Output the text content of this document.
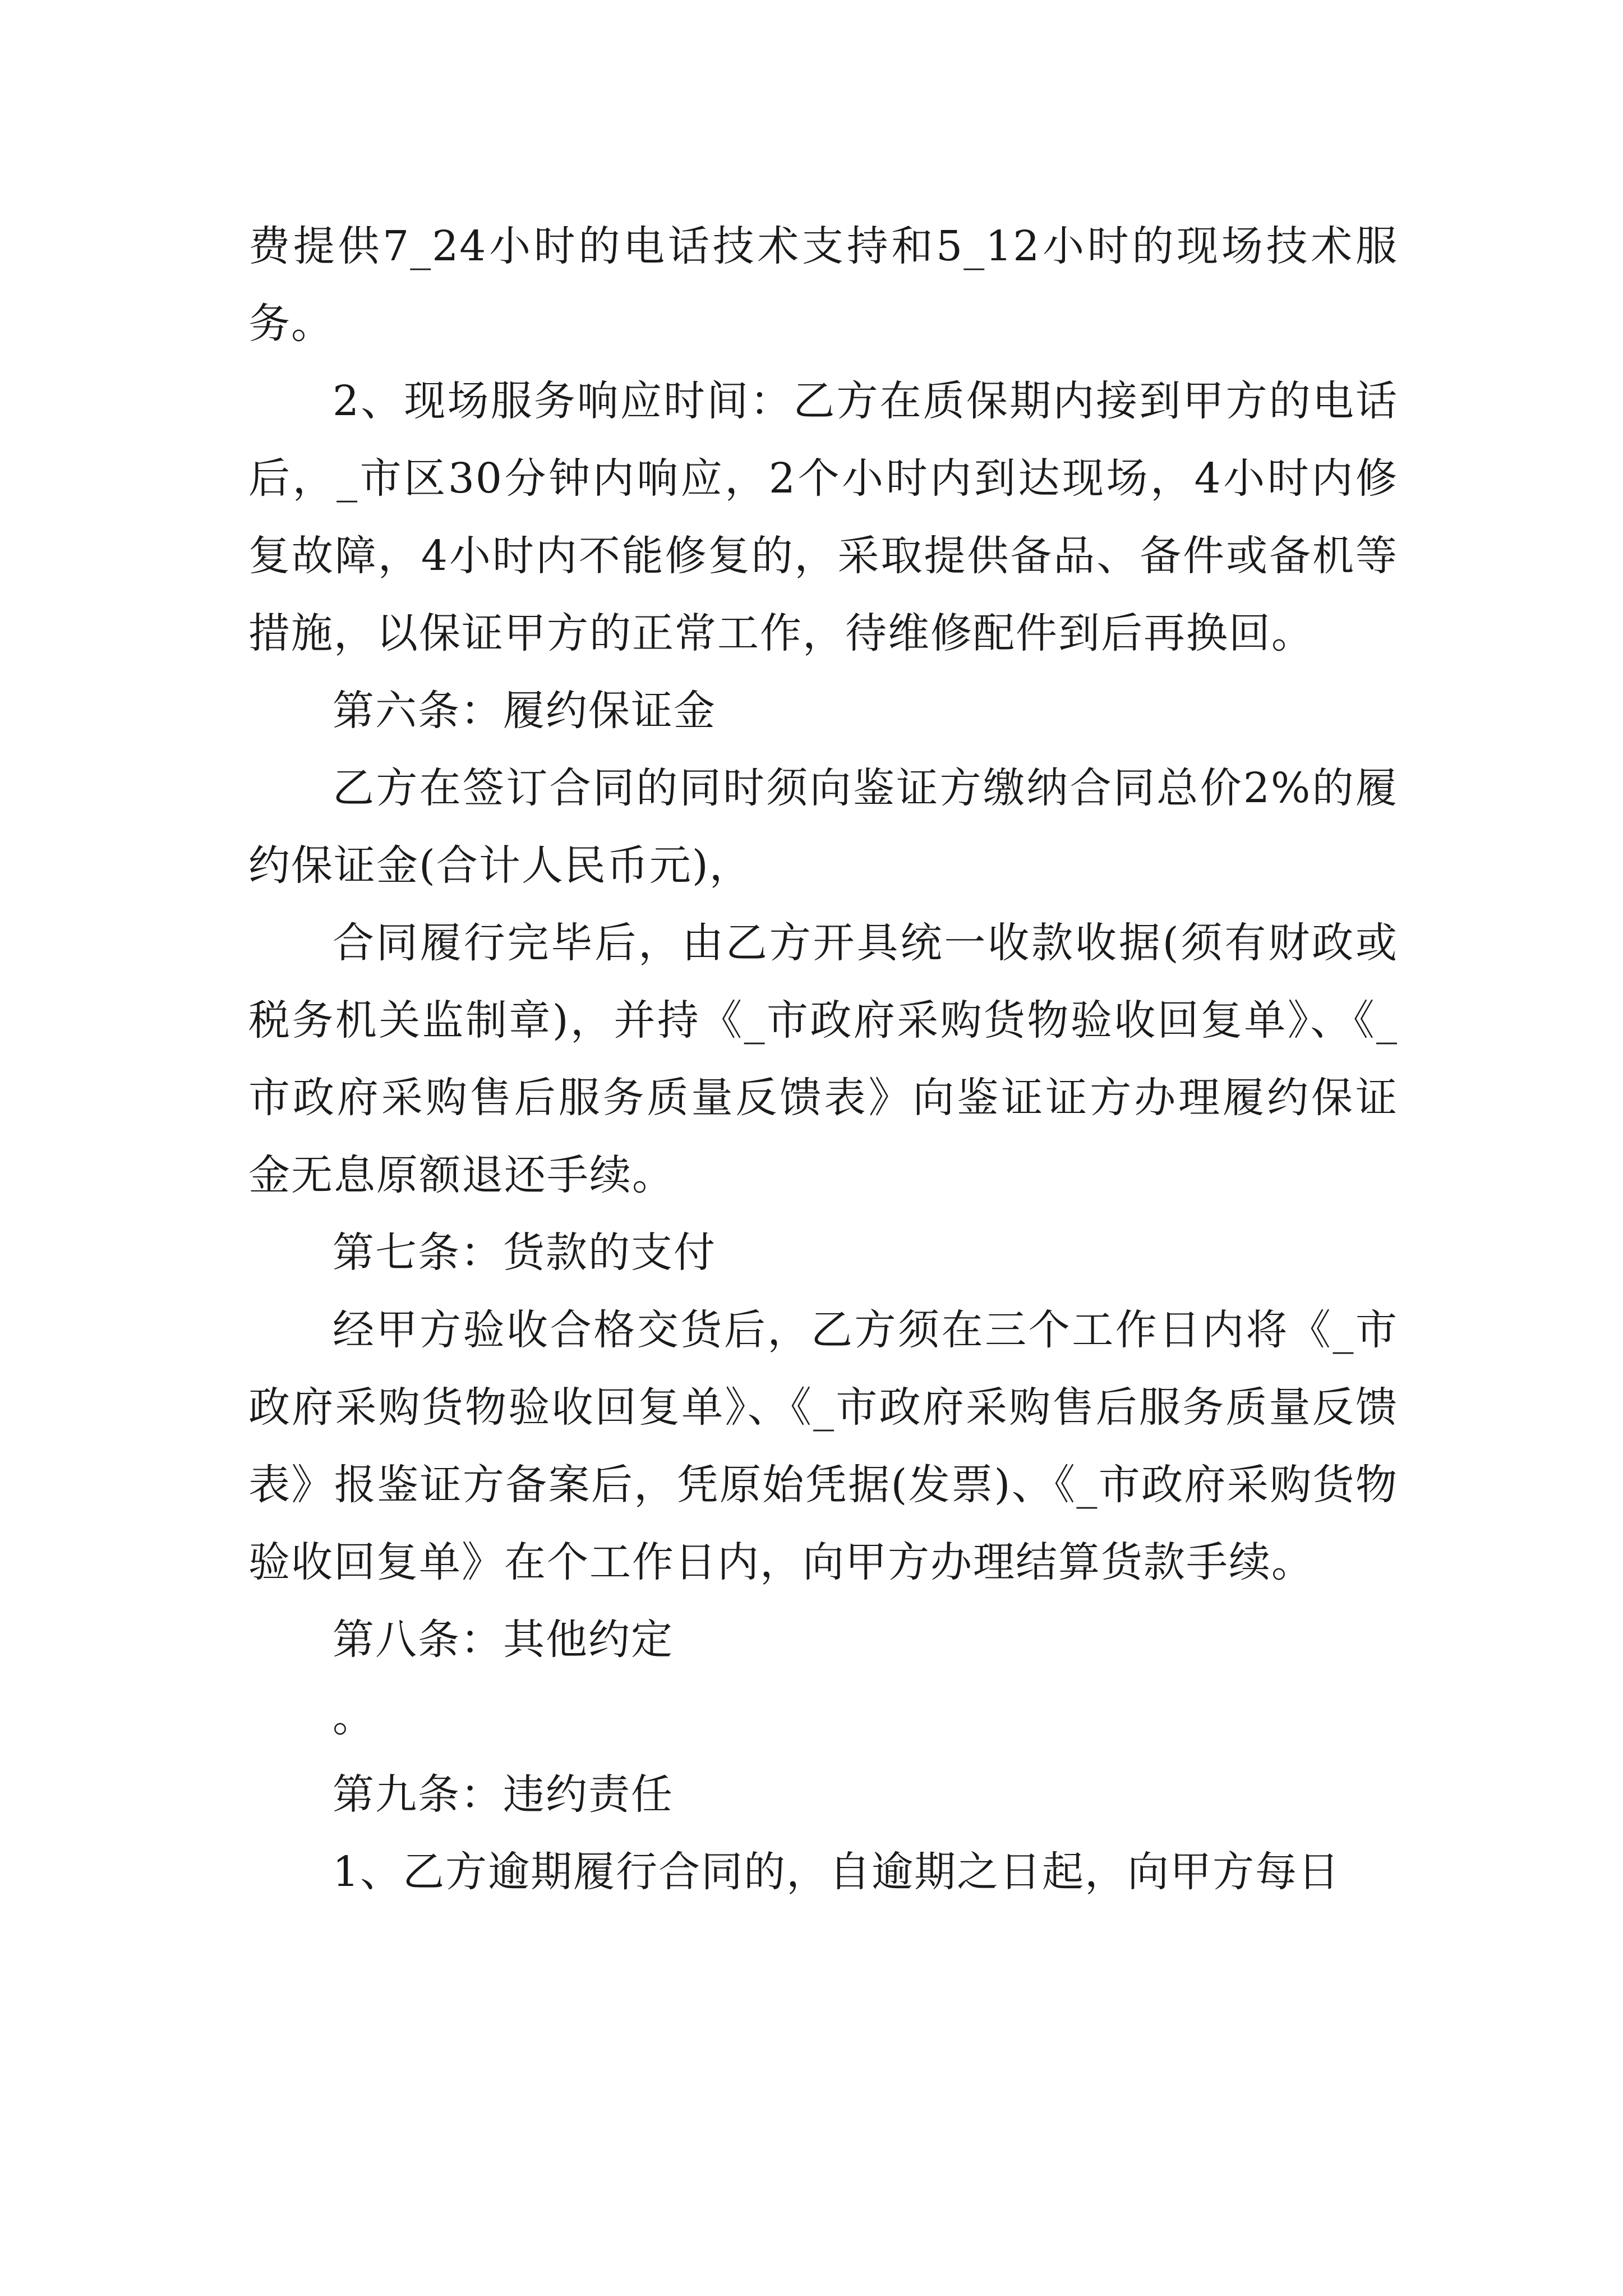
费提供7_24小时的电话技术支持和5_12小时的现场技术服务。

2、现场服务响应时间：乙方在质保期内接到甲方的电话后，_市区30分钟内响应，2个小时内到达现场，4小时内修复故障，4小时内不能修复的，采取提供备品、备件或备机等措施，以保证甲方的正常工作，待维修配件到后再换回。

第六条：履约保证金

乙方在签订合同的同时须向鉴证方缴纳合同总价2%的履约保证金(合计人民币元)，

合同履行完毕后，由乙方开具统一收款收据(须有财政或税务机关监制章)，并持《_市政府采购货物验收回复单》、《_市政府采购售后服务质量反馈表》向鉴证证方办理履约保证金无息原额退还手续。

第七条：货款的支付

经甲方验收合格交货后，乙方须在三个工作日内将《_市政府采购货物验收回复单》、《_市政府采购售后服务质量反馈表》报鉴证方备案后，凭原始凭据(发票)、《_市政府采购货物验收回复单》在个工作日内，向甲方办理结算货款手续。

第八条：其他约定

。

第九条：违约责任

1、乙方逾期履行合同的，自逾期之日起，向甲方每日
